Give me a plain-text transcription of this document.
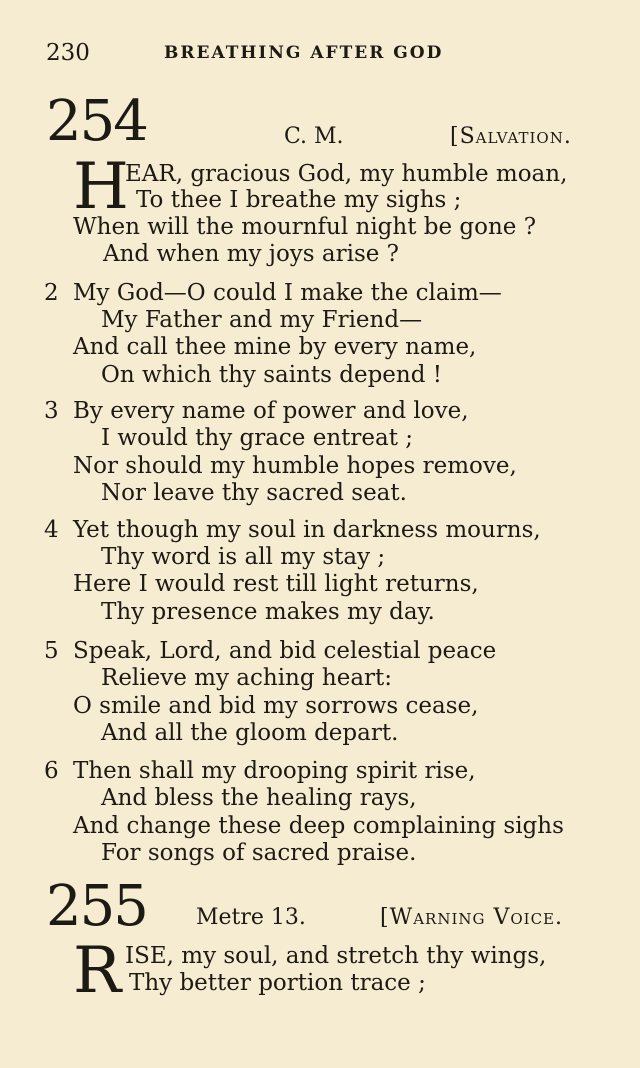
230	BREATHING AFTER GOD
254	C. M.	[Salvation.
H
EAR, gracious God, my humble moan,
To thee I breathe my sighs ;
When will the mournful night be gone ?
And when my joys arise ?
2 My God—O could I make the claim—
My Father and my Friend—
And call thee mine by every name,
On which thy saints depend !
3 By every name of power and love,
I would thy grace entreat ;
Nor should my humble hopes remove,
Nor leave thy sacred seat.
4 Yet though my soul in darkness mourns,
Thy word is all my stay ;
Here I would rest till light returns,
Thy presence makes my day.
5 Speak, Lord, and bid celestial peace
Relieve my aching heart:
O smile and bid my sorrows cease,
And all the gloom depart.
6 Then shall my drooping spirit rise,
And bless the healing rays,
And change these deep complaining sighs
For songs of sacred praise.
255 Metre 13.	[Warning Voice.
R ISE, my soul, and stretch thy wings,
Thy better portion trace ;
